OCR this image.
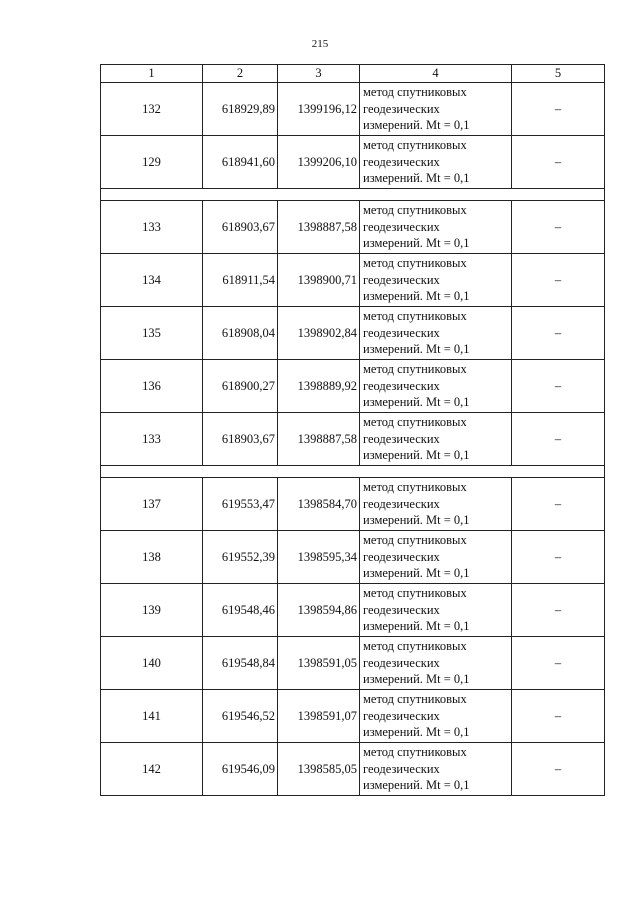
215
1	2	3	4	5
132	618929,89	1399196,12	метод спутниковых
геодезических
измерений. Mt = 0,1	–
129	618941,60	1399206,10	метод спутниковых
геодезических
измерений. Mt = 0,1	–

133	618903,67	1398887,58	метод спутниковых
геодезических
измерений. Mt = 0,1	–
134	618911,54	1398900,71	метод спутниковых
геодезических
измерений. Mt = 0,1	–
135	618908,04	1398902,84	метод спутниковых
геодезических
измерений. Mt = 0,1	–
136	618900,27	1398889,92	метод спутниковых
геодезических
измерений. Mt = 0,1	–
133	618903,67	1398887,58	метод спутниковых
геодезических
измерений. Mt = 0,1	–

137	619553,47	1398584,70	метод спутниковых
геодезических
измерений. Mt = 0,1	–
138	619552,39	1398595,34	метод спутниковых
геодезических
измерений. Mt = 0,1	–
139	619548,46	1398594,86	метод спутниковых
геодезических
измерений. Mt = 0,1	–
140	619548,84	1398591,05	метод спутниковых
геодезических
измерений. Mt = 0,1	–
141	619546,52	1398591,07	метод спутниковых
геодезических
измерений. Mt = 0,1	–
142	619546,09	1398585,05	метод спутниковых
геодезических
измерений. Mt = 0,1	–
